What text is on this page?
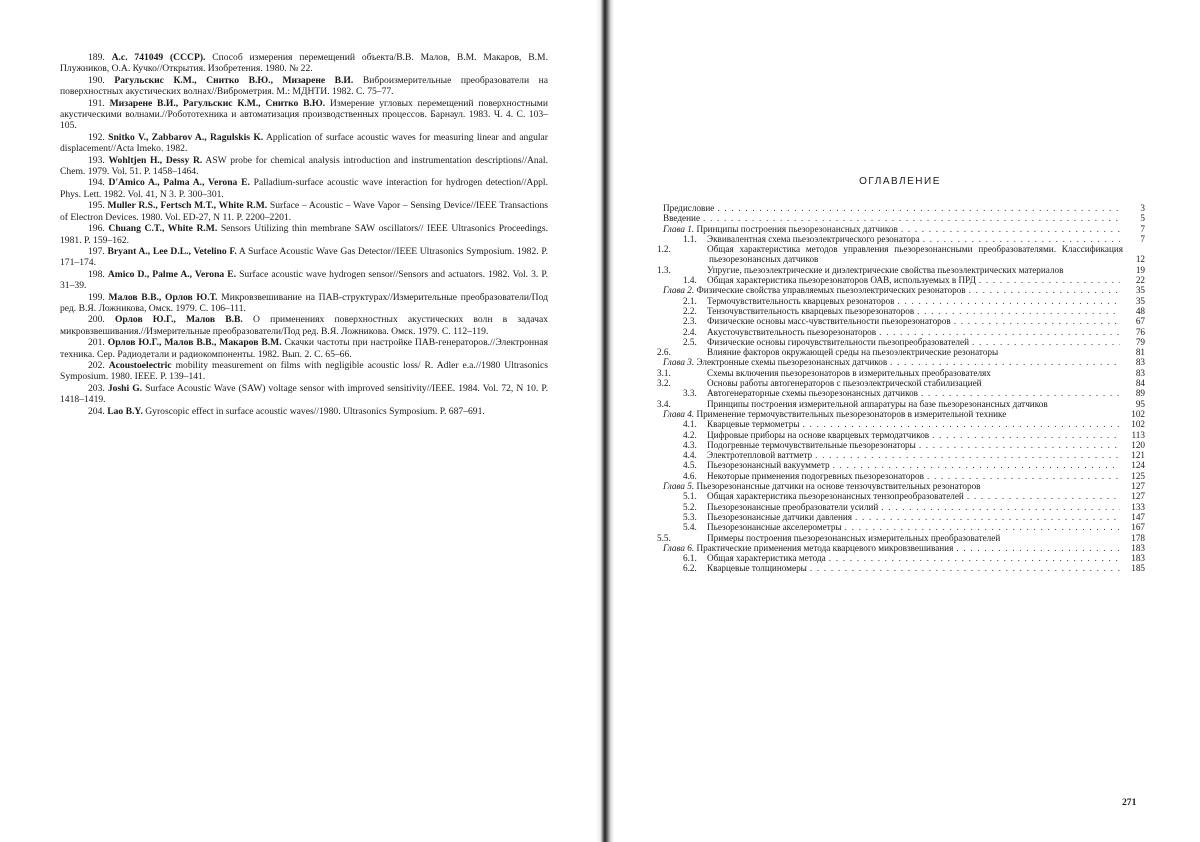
189. А.с. 741049 (СССР). Способ измерения перемещений объекта/В.В. Малов, В.М. Макаров, В.М. Плужников, О.А. Кучко//Открытия. Изобретения. 1980. № 22.

190. Рагульскис К.М., Снитко В.Ю., Мизарене В.И. Виброизмерительные преобразователи на поверхностных акустических волнах//Виброметрия. М.: МДНТИ. 1982. С. 75–77.

191. Мизарене В.И., Рагульскис К.М., Снитко В.Ю. Измерение угловых перемещений поверхностными акустическими волнами.//Робототехника и автоматизация производственных процессов. Барнаул. 1983. Ч. 4. С. 103–105.

192. Snitko V., Zabbarov A., Ragulskis K. Application of surface acoustic waves for measuring linear and angular displacement//Acta Imeko. 1982.

193. Wohltjen H., Dessy R. ASW probe for chemical analysis introduction and instrumentation descriptions//Anal. Chem. 1979. Vol. 51. P. 1458–1464.

194. D'Amico A., Palma A., Verona E. Palladium-surface acoustic wave interaction for hydrogen detection//Appl. Phys. Lett. 1982. Vol. 41, N 3. P. 300–301.

195. Muller R.S., Fertsch M.T., White R.M. Surface – Acoustic – Wave Vapor – Sensing Device//IEEE Transactions of Electron Devices. 1980. Vol. ED-27, N 11. P. 2200–2201.

196. Chuang C.T., White R.M. Sensors Utilizing thin membrane SAW oscillators// IEEE Ultrasonics Proceedings. 1981. P. 159–162.

197. Bryant A., Lee D.L., Vetelino F. A Surface Acoustic Wave Gas Detector//IEEE Ultrasonics Symposium. 1982. P. 171–174.

198. Amico D., Palme A., Verona E. Surface acoustic wave hydrogen sensor//Sensors and actuators. 1982. Vol. 3. P. 31–39.

199. Малов В.В., Орлов Ю.Т. Микровзвешивание на ПАВ-структурах//Измерительные преобразователи/Под ред. В.Я. Ложникова, Омск. 1979. С. 106–111.

200. Орлов Ю.Г., Малов В.В. О применениях поверхностных акустических волн в задачах микровзвешивания.//Измерительные преобразователи/Под ред. В.Я. Ложникова. Омск. 1979. С. 112–119.

201. Орлов Ю.Г., Малов В.В., Макаров В.М. Скачки частоты при настройке ПАВ-генераторов.//Электронная техника. Сер. Радиодетали и радиокомпоненты. 1982. Вып. 2. С. 65–66.

202. Acoustoelectric mobility measurement on films with negligible acoustic loss/ R. Adler e.a.//1980 Ultrasonics Symposium. 1980. IEEE. P. 139–141.

203. Joshi G. Surface Acoustic Wave (SAW) voltage sensor with improved sensitivity//IEEE. 1984. Vol. 72, N 10. P. 1418–1419.

204. Lao B.Y. Gyroscopic effect in surface acoustic waves//1980. Ultrasonics Symposium. P. 687–691.

ОГЛАВЛЕНИЕ
Предисловие . . .	3
Введение . . .	5
Глава 1. Принципы построения пьезорезонансных датчиков . . .	7
1.1. Эквивалентная схема пьезоэлектрического резонатора . . .	7
1.2.	Общая характеристика методов управления пьезорезонансными преобразователями. Классификация пьезорезонансных датчиков	12
1.3.	Упругие, пьезоэлектрические и диэлектрические свойства пьезоэлектрических материалов	19
1.4. Общая характеристика пьезорезонаторов ОАВ, используемых в ПРД . . .	22
Глава 2. Физические свойства управляемых пьезоэлектрических резонаторов . . .	35
2.1. Термочувствительность кварцевых резонаторов . . .	35
2.2. Тензочувствительность кварцевых пьезорезонаторов . . .	48
2.3. Физические основы масс-чувствительности пьезорезонаторов . . .	67
2.4. Акусточувствительность пьезорезонаторов . . .	76
2.5. Физические основы гирочувствительности пьезопреобразователей . . .	79
2.6.	Влияние факторов окружающей среды на пьезоэлектрические резонаторы	81
Глава 3. Электронные схемы пьезорезонансных датчиков . . .	83
3.1.	Схемы включения пьезорезонаторов в измерительных преобразователях	83
3.2.	Основы работы автогенераторов с пьезоэлектрической стабилизацией	84
3.3. Автогенераторные схемы пьезорезонансных датчиков . . .	89
3.4.	Принципы построения измерительной аппаратуры на базе пьезорезонансных датчиков	95
Глава 4. Применение термочувствительных пьезорезонаторов в измерительной технике	102
4.1. Кварцевые термометры . . .	102
4.2. Цифровые приборы на основе кварцевых термодатчиков . . .	113
4.3. Подогревные термочувствительные пьезорезонаторы . . .	120
4.4. Электротепловой ваттметр . . .	121
4.5. Пьезорезонансный вакуумметр . . .	124
4.6. Некоторые применения подогревных пьезорезонаторов . . .	125
Глава 5. Пьезорезонансные датчики на основе тензочувствительных резонаторов	127
5.1. Общая характеристика пьезорезонансных тензопреобразователей . . .	127
5.2. Пьезорезонансные преобразователи усилий . . .	133
5.3. Пьезорезонансные датчики давления . . .	147
5.4. Пьезорезонансные акселерометры . . .	167
5.5.	Примеры построения пьезорезонансных измерительных преобразователей	178
Глава 6. Практические применения метода кварцевого микровзвешивания . . .	183
6.1. Общая характеристика метода . . .	183
6.2. Кварцевые толщиномеры . . .	185
271
